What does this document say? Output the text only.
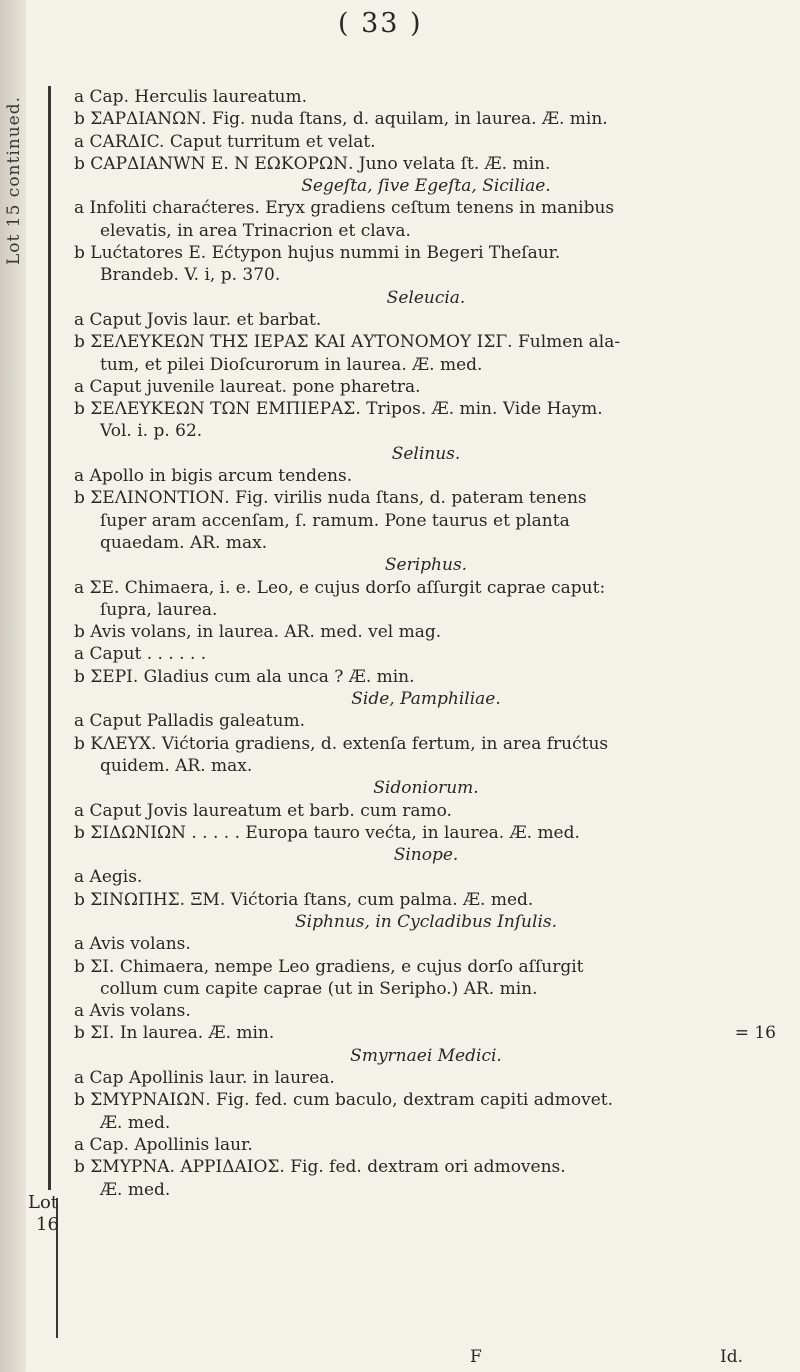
Lot 15 continued.
( 33 )
Lot
16
a Cap. Herculis laureatum.
b ΣΑΡΔΙΑΝΩΝ. Fig. nuda ſtans, d. aquilam, in laurea. Æ. min.
a CARΔIC. Caput turritum et velat.
b CAPΔIANWN E. Ν ΕΩΚΟΡΩΝ. Juno velata ſt. Æ. min.
Segeſta, ſive Egeſta, Siciliae.
a Infoliti charaćteres. Eryx gradiens ceſtum tenens in manibus
elevatis, in area Trinacrion et clava.
b Lućtatores E. Ećtypon hujus nummi in Begeri Theſaur.
Brandeb. V. i, p. 370.
Seleucia.
a Caput Jovis laur. et barbat.
b ΣΕΛΕΥΚΕΩΝ ΤΗΣ ΙΕΡΑΣ ΚΑΙ ΑΥΤΟΝΟΜΟΥ ΙΣΓ. Fulmen ala-
tum, et pilei Dioſcurorum in laurea. Æ. med.
a Caput juvenile laureat. pone pharetra.
b ΣΕΛΕΥΚΕΩΝ ΤΩΝ ΕΜΠΙΕΡΑΣ. Tripos. Æ. min. Vide Haym.
Vol. i. p. 62.
Selinus.
a Apollo in bigis arcum tendens.
b ΣΕΛΙΝΟΝΤΙΟΝ. Fig. virilis nuda ſtans, d. pateram tenens
ſuper aram accenſam, ſ. ramum. Pone taurus et planta
quaedam. AR. max.
Seriphus.
a ΣΕ. Chimaera, i. e. Leo, e cujus dorſo aſſurgit caprae caput:
ſupra, laurea.
b Avis volans, in laurea. AR. med. vel mag.
a Caput . . . . . .
b ΣΕΡΙ. Gladius cum ala unca ? Æ. min.
Side, Pamphiliae.
a Caput Palladis galeatum.
b ΚΛΕΥΧ. Vićtoria gradiens, d. extenſa fertum, in area frućtus
quidem. AR. max.
Sidoniorum.
a Caput Jovis laureatum et barb. cum ramo.
b ΣΙΔΩΝΙΩΝ . . . . . Europa tauro većta, in laurea. Æ. med.
Sinope.
a Aegis.
b ΣΙΝΩΠΗΣ. ΞΜ. Vićtoria ſtans, cum palma. Æ. med.
Siphnus, in Cycladibus Inſulis.
a Avis volans.
b ΣΙ. Chimaera, nempe Leo gradiens, e cujus dorſo aſſurgit
collum cum capite caprae (ut in Seripho.) AR. min.
a Avis volans.
b ΣΙ. In laurea. Æ. min.	= 16
Smyrnaei Medici.
a Cap Apollinis laur. in laurea.
b ΣΜΥΡΝΑΙΩΝ. Fig. fed. cum baculo, dextram capiti admovet.
Æ. med.
a Cap. Apollinis laur.
b ΣΜΥΡΝΑ. ΑΡΡΙΔΑΙΟΣ. Fig. fed. dextram ori admovens.
Æ. med.
F	Id.
